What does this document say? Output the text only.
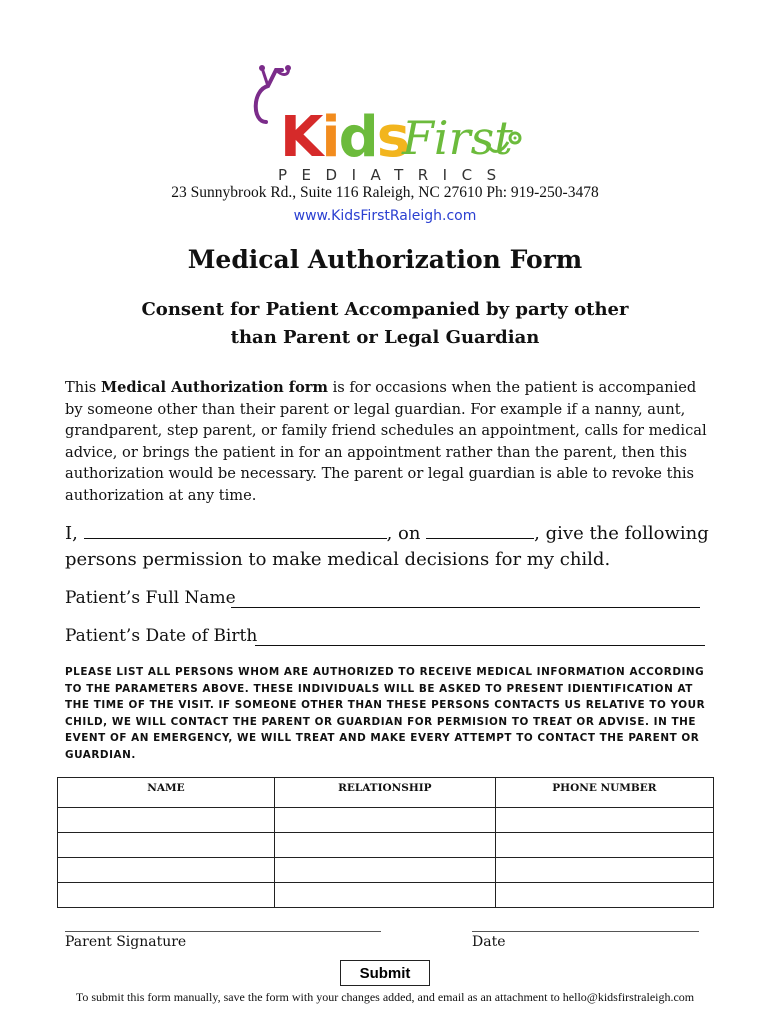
Kids
First
PEDIATRICS
23 Sunnybrook Rd., Suite 116 Raleigh, NC 27610 Ph: 919-250-3478
www.KidsFirstRaleigh.com
Medical Authorization Form
Consent for Patient Accompanied by party other
than Parent or Legal Guardian
This Medical Authorization form is for occasions when the patient is accompanied by someone other than their parent or legal guardian. For example if a nanny, aunt, grandparent, step parent, or family friend schedules an appointment, calls for medical advice, or brings the patient in for an appointment rather than the parent, then this authorization would be necessary. The parent or legal guardian is able to revoke this authorization at any time.
I,	, on	, give the following persons permission to make medical decisions for my child.
Patient’s Full Name
Patient’s Date of Birth
PLEASE LIST ALL PERSONS WHOM ARE AUTHORIZED TO RECEIVE MEDICAL INFORMATION ACCORDING TO THE PARAMETERS ABOVE. THESE INDIVIDUALS WILL BE ASKED TO PRESENT IDIENTIFICATION AT THE TIME OF THE VISIT. IF SOMEONE OTHER THAN THESE PERSONS CONTACTS US RELATIVE TO YOUR CHILD, WE WILL CONTACT THE PARENT OR GUARDIAN FOR PERMISION TO TREAT OR ADVISE. IN THE EVENT OF AN EMERGENCY, WE WILL TREAT AND MAKE EVERY ATTEMPT TO CONTACT THE PARENT OR GUARDIAN.
NAME	RELATIONSHIP	PHONE NUMBER

Parent Signature	Date
Submit
To submit this form manually, save the form with your changes added, and email as an attachment to hello@kidsfirstraleigh.com
